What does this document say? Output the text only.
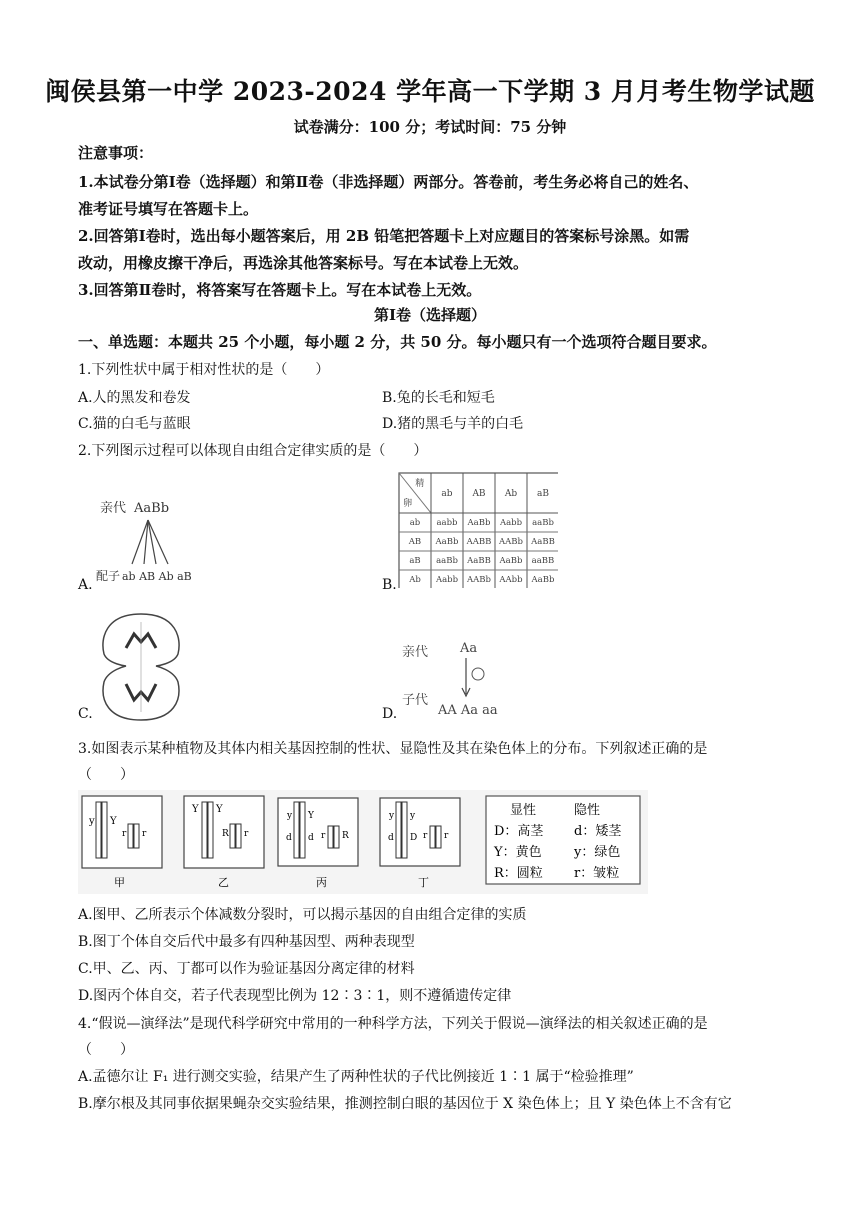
闽侯县第一中学 2023-2024 学年高一下学期 3 月月考生物学试题
试卷满分：100 分；考试时间：75 分钟
注意事项：
1.本试卷分第Ⅰ卷（选择题）和第Ⅱ卷（非选择题）两部分。答卷前，考生务必将自己的姓名、
准考证号填写在答题卡上。
2.回答第Ⅰ卷时，选出每小题答案后，用 2B 铅笔把答题卡上对应题目的答案标号涂黑。如需
改动，用橡皮擦干净后，再选涂其他答案标号。写在本试卷上无效。
3.回答第Ⅱ卷时，将答案写在答题卡上。写在本试卷上无效。
第Ⅰ卷（选择题）
一、单选题：本题共 25 个小题，每小题 2 分，共 50 分。每小题只有一个选项符合题目要求。
1.下列性状中属于相对性状的是（　　）
A.人的黑发和卷发	B.兔的长毛和短毛
C.猫的白毛与蓝眼	D.猪的黑毛与羊的白毛
2.下列图示过程可以体现自由组合定律实质的是（　　）
A.
亲代 AaBb
配子 ab AB Ab aB
B.
精
卵
ab AB Ab aB
ab aabb AaBb Aabb aaBb
AB AaBb AABB AABb AaBB
aB aaBb AaBB AaBb aaBB
Ab Aabb AABb AAbb AaBb
C.	D.
亲代 Aa
子代
AA Aa aa
3.如图表示某种植物及其体内相关基因控制的性状、显隐性及其在染色体上的分布。下列叙述正确的是
（　　）
y Y
r r
甲
Y Y
R r
乙
y Y
d d r R
丙
y y
d D r r
丁
显性	隐性
D：高茎 d：矮茎
Y：黄色 y：绿色
R：圆粒 r：皱粒
A.图甲、乙所表示个体减数分裂时，可以揭示基因的自由组合定律的实质
B.图丁个体自交后代中最多有四种基因型、两种表现型
C.甲、乙、丙、丁都可以作为验证基因分离定律的材料
D.图丙个体自交，若子代表现型比例为 12∶3∶1，则不遵循遗传定律
4.“假说—演绎法”是现代科学研究中常用的一种科学方法，下列关于假说—演绎法的相关叙述正确的是
（　　）
A.孟德尔让 F₁ 进行测交实验，结果产生了两种性状的子代比例接近 1∶1 属于“检验推理”
B.摩尔根及其同事依据果蝇杂交实验结果，推测控制白眼的基因位于 X 染色体上；且 Y 染色体上不含有它
